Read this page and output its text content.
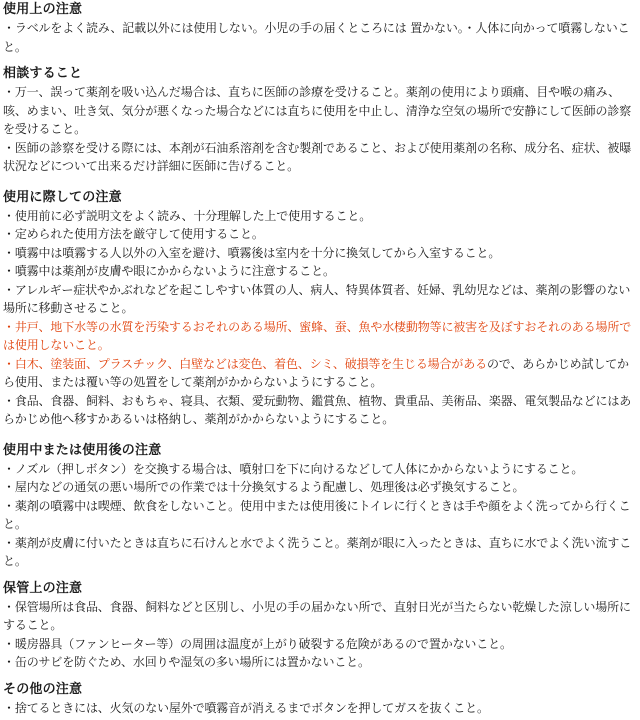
使用上の注意

・ラベルをよく読み、記載以外には使用しない。小児の手の届くところには 置かない。・人体に向かって噴霧しないこと。

相談すること

・万一、誤って薬剤を吸い込んだ場合は、直ちに医師の診療を受けること。薬剤の使用により頭痛、目や喉の痛み、咳、めまい、吐き気、気分が悪くなった場合などには直ちに使用を中止し、清浄な空気の場所で安静にして医師の診察を受けること。

・医師の診察を受ける際には、本剤が石油系溶剤を含む製剤であること、および使用薬剤の名称、成分名、症状、被曝状況などについて出来るだけ詳細に医師に告げること。

使用に際しての注意

・使用前に必ず説明文をよく読み、十分理解した上で使用すること。

・定められた使用方法を厳守して使用すること。

・噴霧中は噴霧する人以外の入室を避け、噴霧後は室内を十分に換気してから入室すること。

・噴霧中は薬剤が皮膚や眼にかからないように注意すること。

・アレルギー症状やかぶれなどを起こしやすい体質の人、病人、特異体質者、妊婦、乳幼児などは、薬剤の影響のない場所に移動させること。

・井戸、地下水等の水質を汚染するおそれのある場所、蜜蜂、蚕、魚や水棲動物等に被害を及ぼすおそれのある場所では使用しないこと。

・白木、塗装面、プラスチック、白壁などは変色、着色、シミ、破損等を生じる場合があるので、あらかじめ試してから使用、または覆い等の処置をして薬剤がかからないようにすること。

・食品、食器、飼料、おもちゃ、寝具、衣類、愛玩動物、鑑賞魚、植物、貴重品、美術品、楽器、電気製品などにはあらかじめ他へ移すかあるいは格納し、薬剤がかからないようにすること。

使用中または使用後の注意

・ノズル（押しボタン）を交換する場合は、噴射口を下に向けるなどして人体にかからないようにすること。

・屋内などの通気の悪い場所での作業では十分換気するよう配慮し、処理後は必ず換気すること。

・薬剤の噴霧中は喫煙、飲食をしないこと。使用中または使用後にトイレに行くときは手や顔をよく洗ってから行くこと。

・薬剤が皮膚に付いたときは直ちに石けんと水でよく洗うこと。薬剤が眼に入ったときは、直ちに水でよく洗い流すこと。

保管上の注意

・保管場所は食品、食器、飼料などと区別し、小児の手の届かない所で、直射日光が当たらない乾燥した涼しい場所にすること。

・暖房器具（ファンヒーター等）の周囲は温度が上がり破裂する危険があるので置かないこと。

・缶のサビを防ぐため、水回りや湿気の多い場所には置かないこと。

その他の注意

・捨てるときには、火気のない屋外で噴霧音が消えるまでボタンを押してガスを抜くこと。
